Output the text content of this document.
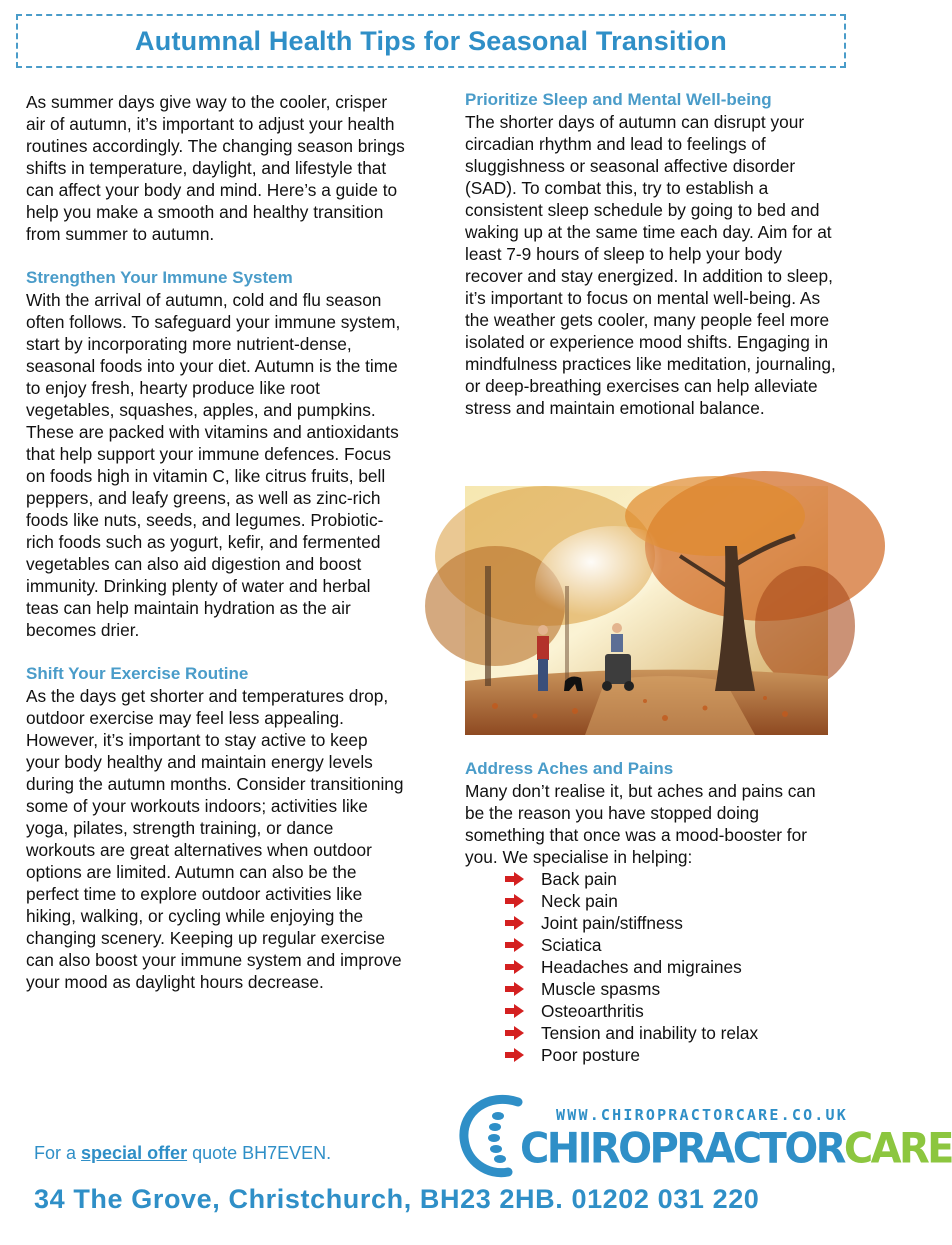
Autumnal Health Tips for Seasonal Transition

As summer days give way to the cooler, crisper air of autumn, it’s important to adjust your health routines accordingly. The changing season brings shifts in temperature, daylight, and lifestyle that can affect your body and mind. Here’s a guide to help you make a smooth and healthy transition from summer to autumn.

Strengthen Your Immune System

With the arrival of autumn, cold and flu season often follows. To safeguard your immune system, start by incorporating more nutrient-dense, seasonal foods into your diet. Autumn is the time to enjoy fresh, hearty produce like root vegetables, squashes, apples, and pumpkins. These are packed with vitamins and antioxidants that help support your immune defences. Focus on foods high in vitamin C, like citrus fruits, bell peppers, and leafy greens, as well as zinc-rich foods like nuts, seeds, and legumes. Probiotic-rich foods such as yogurt, kefir, and fermented vegetables can also aid digestion and boost immunity. Drinking plenty of water and herbal teas can help maintain hydration as the air becomes drier.

Shift Your Exercise Routine

As the days get shorter and temperatures drop, outdoor exercise may feel less appealing. However, it’s important to stay active to keep your body healthy and maintain energy levels during the autumn months. Consider transitioning some of your workouts indoors; activities like yoga, pilates, strength training, or dance workouts are great alternatives when outdoor options are limited. Autumn can also be the perfect time to explore outdoor activities like hiking, walking, or cycling while enjoying the changing scenery. Keeping up regular exercise can also boost your immune system and improve your mood as daylight hours decrease.

Prioritize Sleep and Mental Well-being

The shorter days of autumn can disrupt your circadian rhythm and lead to feelings of sluggishness or seasonal affective disorder (SAD). To combat this, try to establish a consistent sleep schedule by going to bed and waking up at the same time each day. Aim for at least 7-9 hours of sleep to help your body recover and stay energized. In addition to sleep, it’s important to focus on mental well-being. As the weather gets cooler, many people feel more isolated or experience mood shifts. Engaging in mindfulness practices like meditation, journaling, or deep-breathing exercises can help alleviate stress and maintain emotional balance.

Address Aches and Pains

Many don’t realise it, but aches and pains can be the reason you have stopped doing something that once was a mood-booster for you. We specialise in helping:

Back pain
Neck pain
Joint pain/stiffness
Sciatica
Headaches and migraines
Muscle spasms
Osteoarthritis
Tension and inability to relax
Poor posture
For a special offer quote BH7EVEN.
WWW.CHIROPRACTORCARE.CO.UK
CHIROPRACTORCARE
34 The Grove, Christchurch, BH23 2HB. 01202 031 220
